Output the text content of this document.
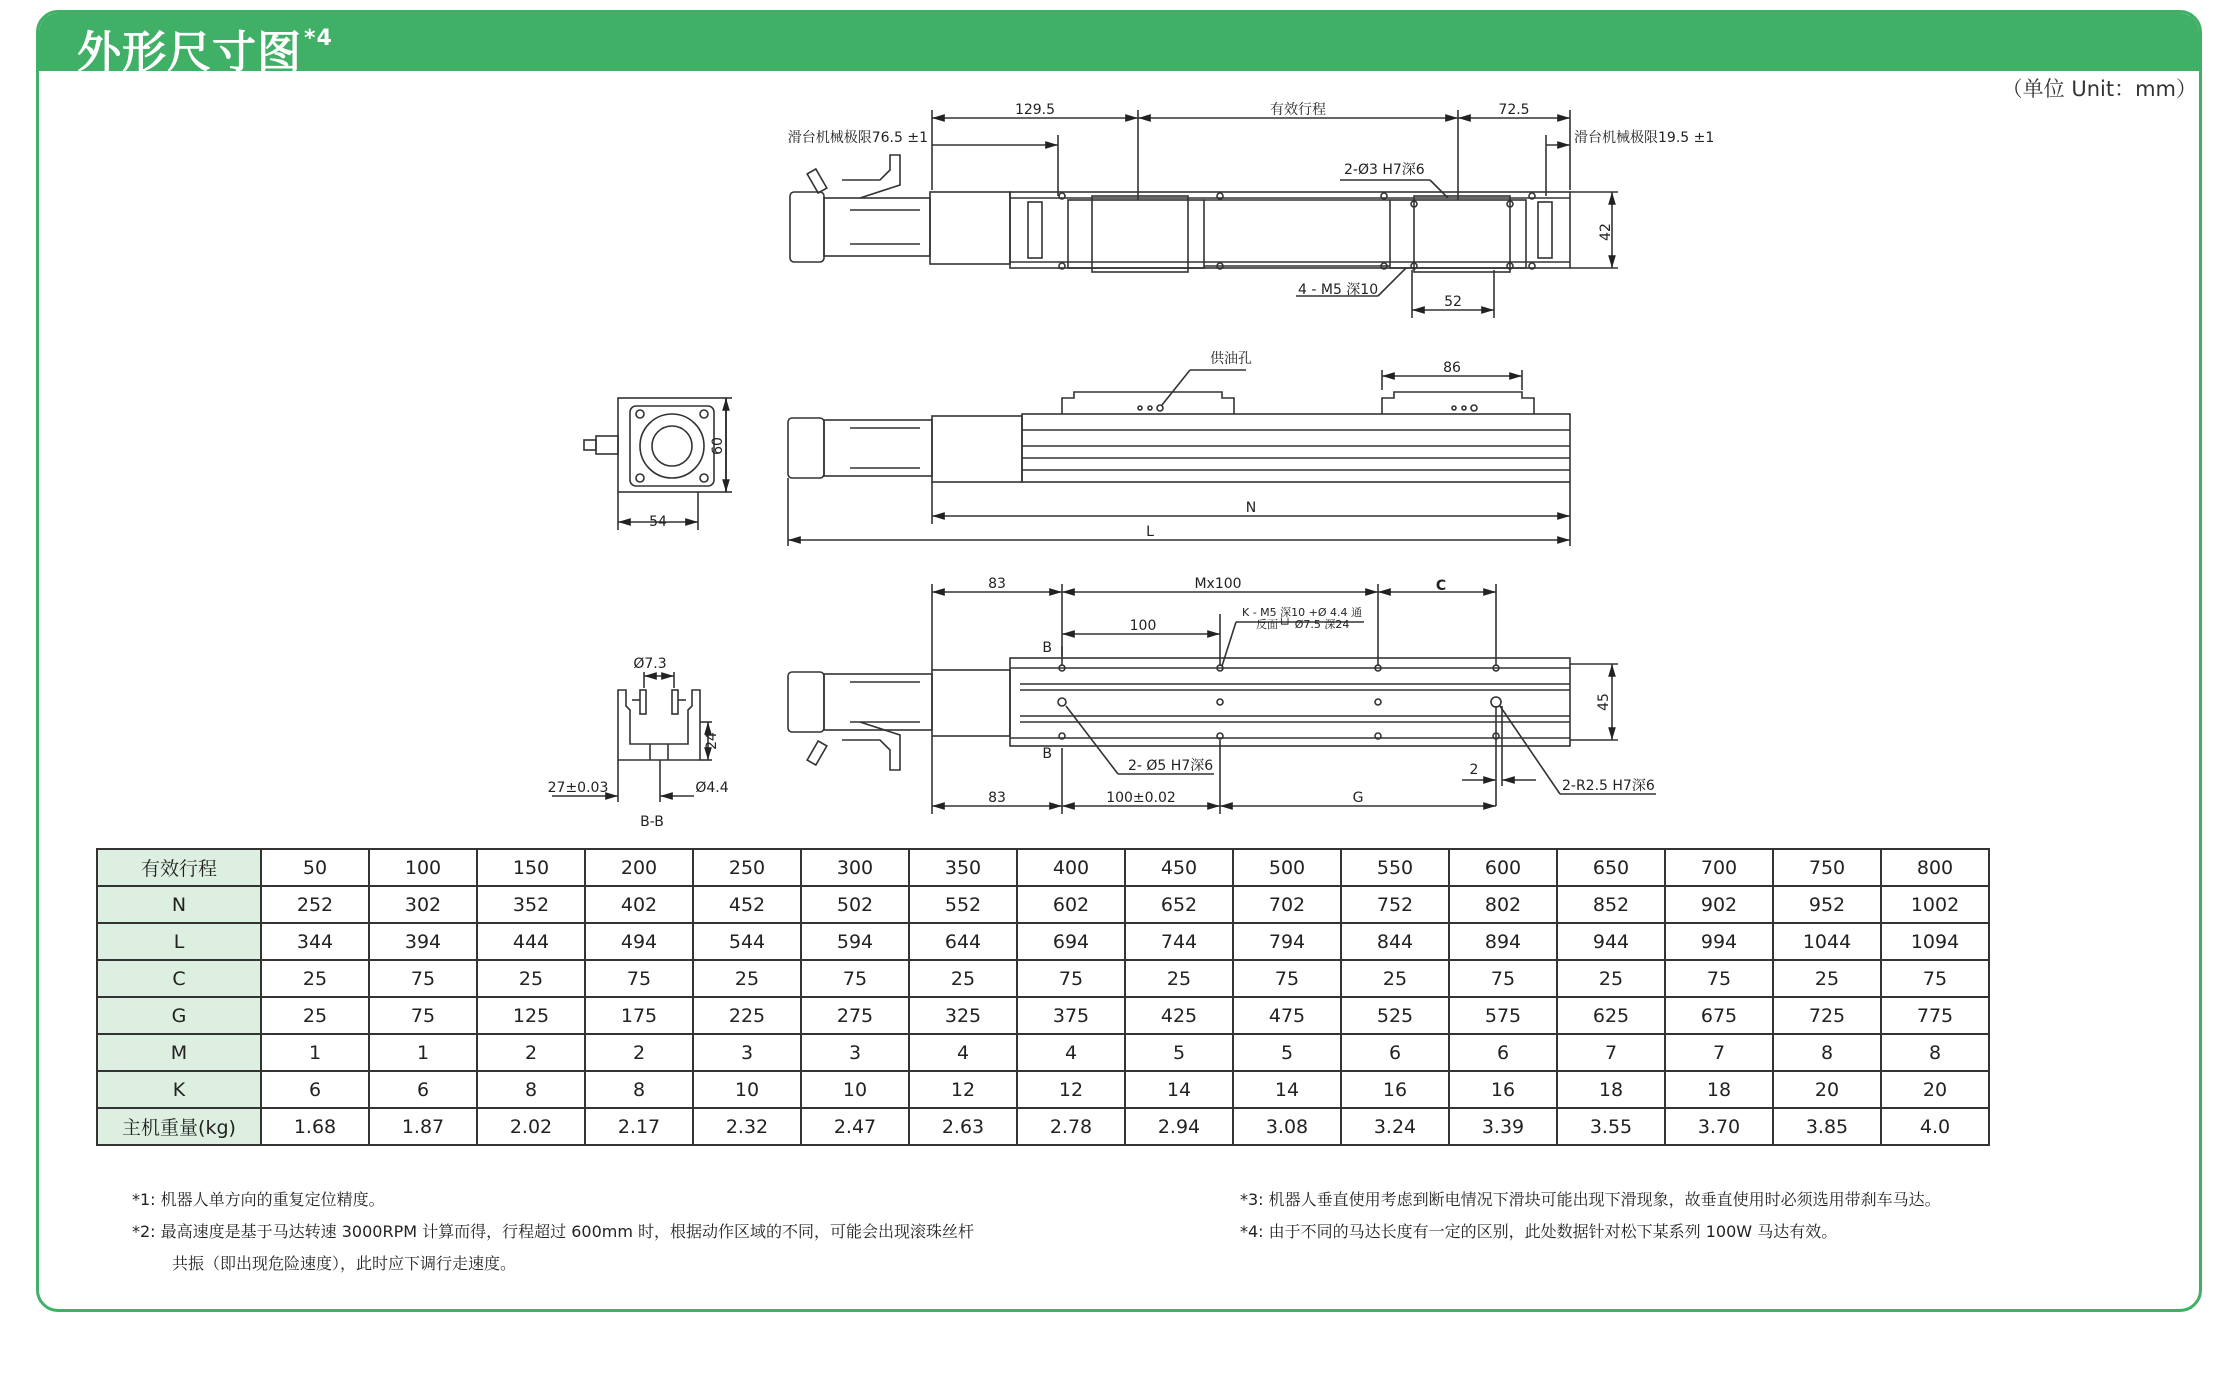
外形尺寸图$^{*4}$
（单位 Unit：mm）
129.5	有效行程	72.5
滑台机械极限76.5 ±1	滑台机械极限19.5 ±1
2-Ø3 H7深6
4 - M5 深10
42
52
供油孔
86
60
54
N
L
83	Mx100	C
100
K - M5 深10 +Ø 4.4 通
反面└┘ Ø7.5 深24
B
B
45
2- Ø5 H7深6	2
2-R2.5 H7深6
83	100±0.02	G
Ø7.3
24
27±0.03	Ø4.4
B-B
有效行程	50	100	150	200	250	300	350	400	450	500	550	600	650	700	750	800
N	252	302	352	402	452	502	552	602	652	702	752	802	852	902	952	1002
L	344	394	444	494	544	594	644	694	744	794	844	894	944	994	1044	1094
C	25	75	25	75	25	75	25	75	25	75	25	75	25	75	25	75
G	25	75	125	175	225	275	325	375	425	475	525	575	625	675	725	775
M	1	1	2	2	3	3	4	4	5	5	6	6	7	7	8	8
K	6	6	8	8	10	10	12	12	14	14	16	16	18	18	20	20
主机重量(kg)	1.68	1.87	2.02	2.17	2.32	2.47	2.63	2.78	2.94	3.08	3.24	3.39	3.55	3.70	3.85	4.0
*1: 机器人单方向的重复定位精度。
*2: 最高速度是基于马达转速 3000RPM 计算而得，行程超过 600mm 时，根据动作区域的不同，可能会出现滚珠丝杆
共振（即出现危险速度），此时应下调行走速度。
*3: 机器人垂直使用考虑到断电情况下滑块可能出现下滑现象，故垂直使用时必须选用带刹车马达。
*4: 由于不同的马达长度有一定的区别，此处数据针对松下某系列 100W 马达有效。
